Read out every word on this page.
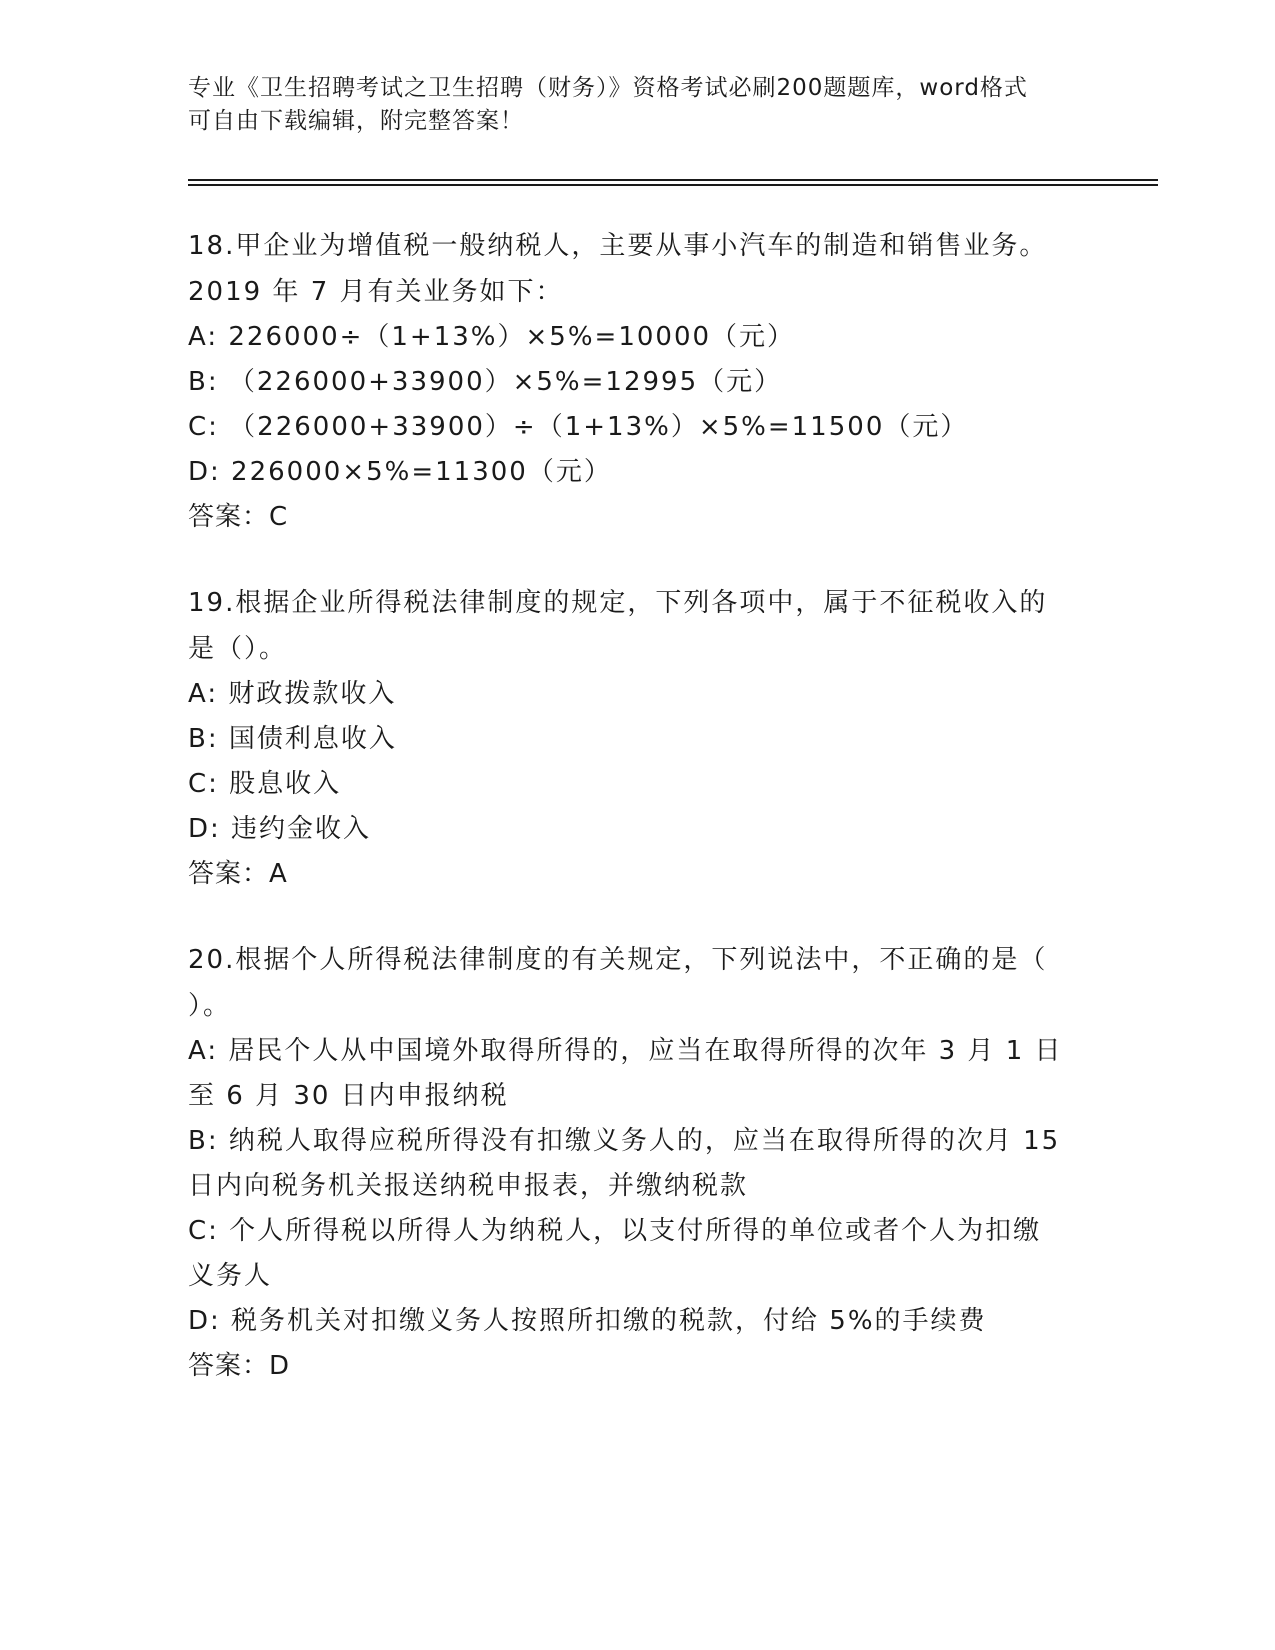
专业《卫生招聘考试之卫生招聘（财务）》资格考试必刷200题题库，word格式
可自由下载编辑，附完整答案！
18.甲企业为增值税一般纳税人，主要从事小汽车的制造和销售业务。
2019 年 7 月有关业务如下：
A: 226000÷（1+13%）×5%=10000（元）
B: （226000+33900）×5%=12995（元）
C: （226000+33900）÷（1+13%）×5%=11500（元）
D: 226000×5%=11300（元）
答案：C
19.根据企业所得税法律制度的规定，下列各项中，属于不征税收入的
是（）。
A: 财政拨款收入
B: 国债利息收入
C: 股息收入
D: 违约金收入
答案：A
20.根据个人所得税法律制度的有关规定，下列说法中，不正确的是（
）。
A: 居民个人从中国境外取得所得的，应当在取得所得的次年 3 月 1 日
至 6 月 30 日内申报纳税
B: 纳税人取得应税所得没有扣缴义务人的，应当在取得所得的次月 15
日内向税务机关报送纳税申报表，并缴纳税款
C: 个人所得税以所得人为纳税人，以支付所得的单位或者个人为扣缴
义务人
D: 税务机关对扣缴义务人按照所扣缴的税款，付给 5%的手续费
答案：D
